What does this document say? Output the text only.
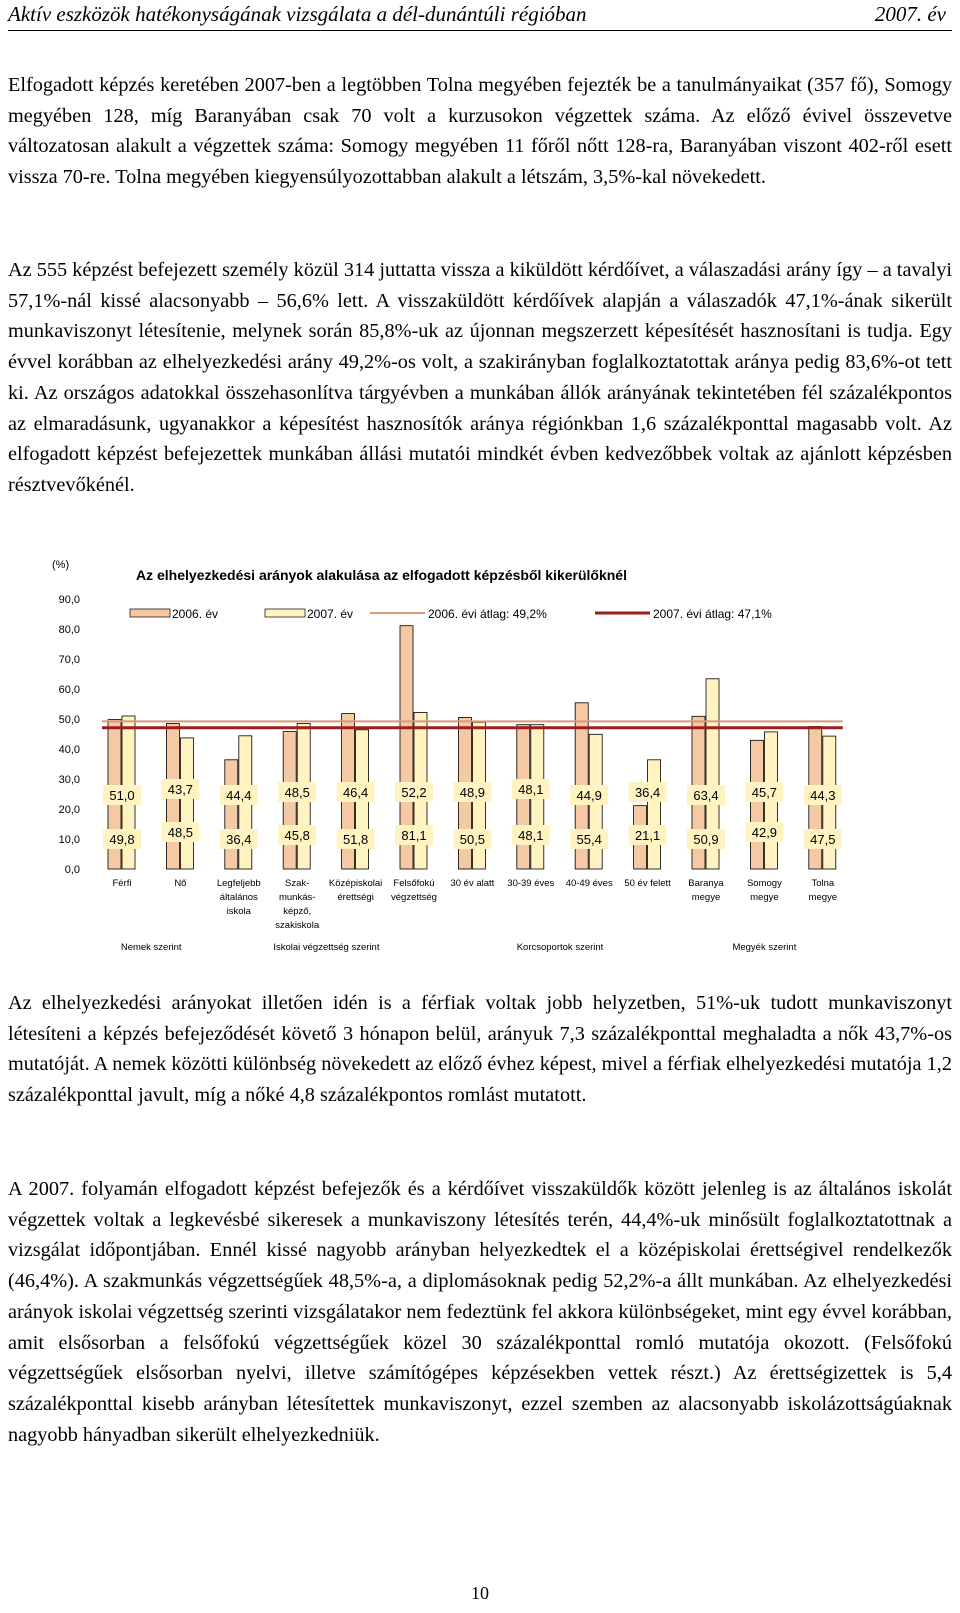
Aktív eszközök hatékonyságának vizsgálata a dél-dunántúli régióban	2007. év

Elfogadott képzés keretében 2007-ben a legtöbben Tolna megyében fejezték be a tanulmányaikat (357 fő), Somogy megyében 128, míg Baranyában csak 70 volt a kurzusokon végzettek száma. Az előző évivel összevetve változatosan alakult a végzettek száma: Somogy megyében 11 főről nőtt 128-ra, Baranyában viszont 402-ről esett vissza 70-re. Tolna megyében kiegyensúlyozottabban alakult a létszám, 3,5%-kal növekedett.

Az 555 képzést befejezett személy közül 314 juttatta vissza a kiküldött kérdőívet, a válaszadási arány így – a tavalyi 57,1%-nál kissé alacsonyabb – 56,6% lett. A visszaküldött kérdőívek alapján a válaszadók 47,1%-ának sikerült munkaviszonyt létesítenie, melynek során 85,8%-uk az újonnan megszerzett képesítését hasznosítani is tudja. Egy évvel korábban az elhelyezkedési arány 49,2%-os volt, a szakirányban foglalkoztatottak aránya pedig 83,6%-ot tett ki. Az országos adatokkal összehasonlítva tárgyévben a munkában állók arányának tekintetében fél százalékpontos az elmaradásunk, ugyanakkor a képesítést hasznosítók aránya régiónkban 1,6 százalékponttal magasabb volt. Az elfogadott képzést befejezettek munkában állási mutatói mindkét évben kedvezőbbek voltak az ajánlott képzésben résztvevőkénél.

0,0
10,0
20,0
30,0
40,0
50,0
60,0
70,0
80,0
90,0
(%)
Az elhelyezkedési arányok alakulása az elfogadott képzésből kikerülőknél
2006. év	2007. év	2006. évi átlag: 49,2%	2007. évi átlag: 47,1%
51,0
49,8
43,7
48,5
44,4
36,4
48,5
45,8
46,4
51,8
52,2
81,1
48,9
50,5
48,1
48,1
44,9
55,4
36,4
21,1
63,4
50,9
45,7
42,9
44,3
47,5
Férfi	Nő	Legfeljebb általános iskola
Szak-munkás-képző, szakiskola
Középiskolai érettségi
Felsőfokú végzettség
30 év alatt 30-39 éves 40-49 éves 50 év felett Baranya megye
Somogy megye
Tolna megye
Nemek szerint	Iskolai végzettség szerint	Korcsoportok szerint	Megyék szerint

Az elhelyezkedési arányokat illetően idén is a férfiak voltak jobb helyzetben, 51%-uk tudott munkaviszonyt létesíteni a képzés befejeződését követő 3 hónapon belül, arányuk 7,3 százalékponttal meghaladta a nők 43,7%-os mutatóját. A nemek közötti különbség növekedett az előző évhez képest, mivel a férfiak elhelyezkedési mutatója 1,2 százalékponttal javult, míg a nőké 4,8 százalékpontos romlást mutatott.

A 2007. folyamán elfogadott képzést befejezők és a kérdőívet visszaküldők között jelenleg is az általános iskolát végzettek voltak a legkevésbé sikeresek a munkaviszony létesítés terén, 44,4%-uk minősült foglalkoztatottnak a vizsgálat időpontjában. Ennél kissé nagyobb arányban helyezkedtek el a középiskolai érettségivel rendelkezők (46,4%). A szakmunkás végzettségűek 48,5%-a, a diplomásoknak pedig 52,2%-a állt munkában. Az elhelyezkedési arányok iskolai végzettség szerinti vizsgálatakor nem fedeztünk fel akkora különbségeket, mint egy évvel korábban, amit elsősorban a felsőfokú végzettségűek közel 30 százalékponttal romló mutatója okozott. (Felsőfokú végzettségűek elsősorban nyelvi, illetve számítógépes képzésekben vettek részt.) Az érettségizettek is 5,4 százalékponttal kisebb arányban létesítettek munkaviszonyt, ezzel szemben az alacsonyabb iskolázottságúaknak nagyobb hányadban sikerült elhelyezkedniük.

10
